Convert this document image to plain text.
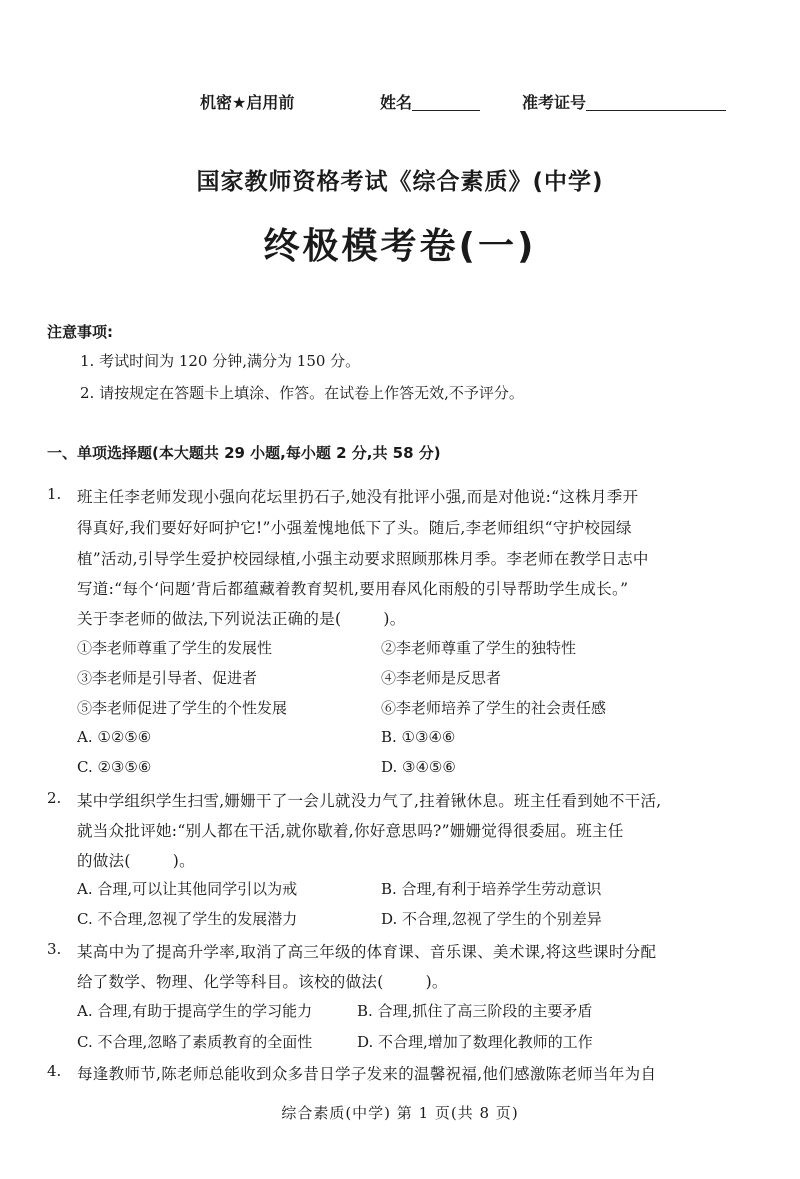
机密★启用前	姓名	准考证号
国家教师资格考试《综合素质》(中学)
终极模考卷(一)
注意事项:
1. 考试时间为 120 分钟,满分为 150 分。
2. 请按规定在答题卡上填涂、作答。在试卷上作答无效,不予评分。
一、单项选择题(本大题共 29 小题,每小题 2 分,共 58 分)
1. 班主任李老师发现小强向花坛里扔石子,她没有批评小强,而是对他说:“这株月季开
得真好,我们要好好呵护它!”小强羞愧地低下了头。随后,李老师组织“守护校园绿
植”活动,引导学生爱护校园绿植,小强主动要求照顾那株月季。李老师在教学日志中
写道:“每个‘问题’背后都蕴藏着教育契机,要用春风化雨般的引导帮助学生成长。”
关于李老师的做法,下列说法正确的是(	)。
①李老师尊重了学生的发展性	②李老师尊重了学生的独特性
③李老师是引导者、促进者	④李老师是反思者
⑤李老师促进了学生的个性发展	⑥李老师培养了学生的社会责任感
A. ①②⑤⑥	B. ①③④⑥
C. ②③⑤⑥	D. ③④⑤⑥
2. 某中学组织学生扫雪,姗姗干了一会儿就没力气了,拄着锹休息。班主任看到她不干活,
就当众批评她:“别人都在干活,就你歇着,你好意思吗?”姗姗觉得很委屈。班主任
的做法(	)。
A. 合理,可以让其他同学引以为戒	B. 合理,有利于培养学生劳动意识
C. 不合理,忽视了学生的发展潜力	D. 不合理,忽视了学生的个别差异
3. 某高中为了提高升学率,取消了高三年级的体育课、音乐课、美术课,将这些课时分配
给了数学、物理、化学等科目。该校的做法(	)。
A. 合理,有助于提高学生的学习能力	B. 合理,抓住了高三阶段的主要矛盾
C. 不合理,忽略了素质教育的全面性	D. 不合理,增加了数理化教师的工作
4. 每逢教师节,陈老师总能收到众多昔日学子发来的温馨祝福,他们感激陈老师当年为自
综合素质(中学) 第 1 页(共 8 页)
